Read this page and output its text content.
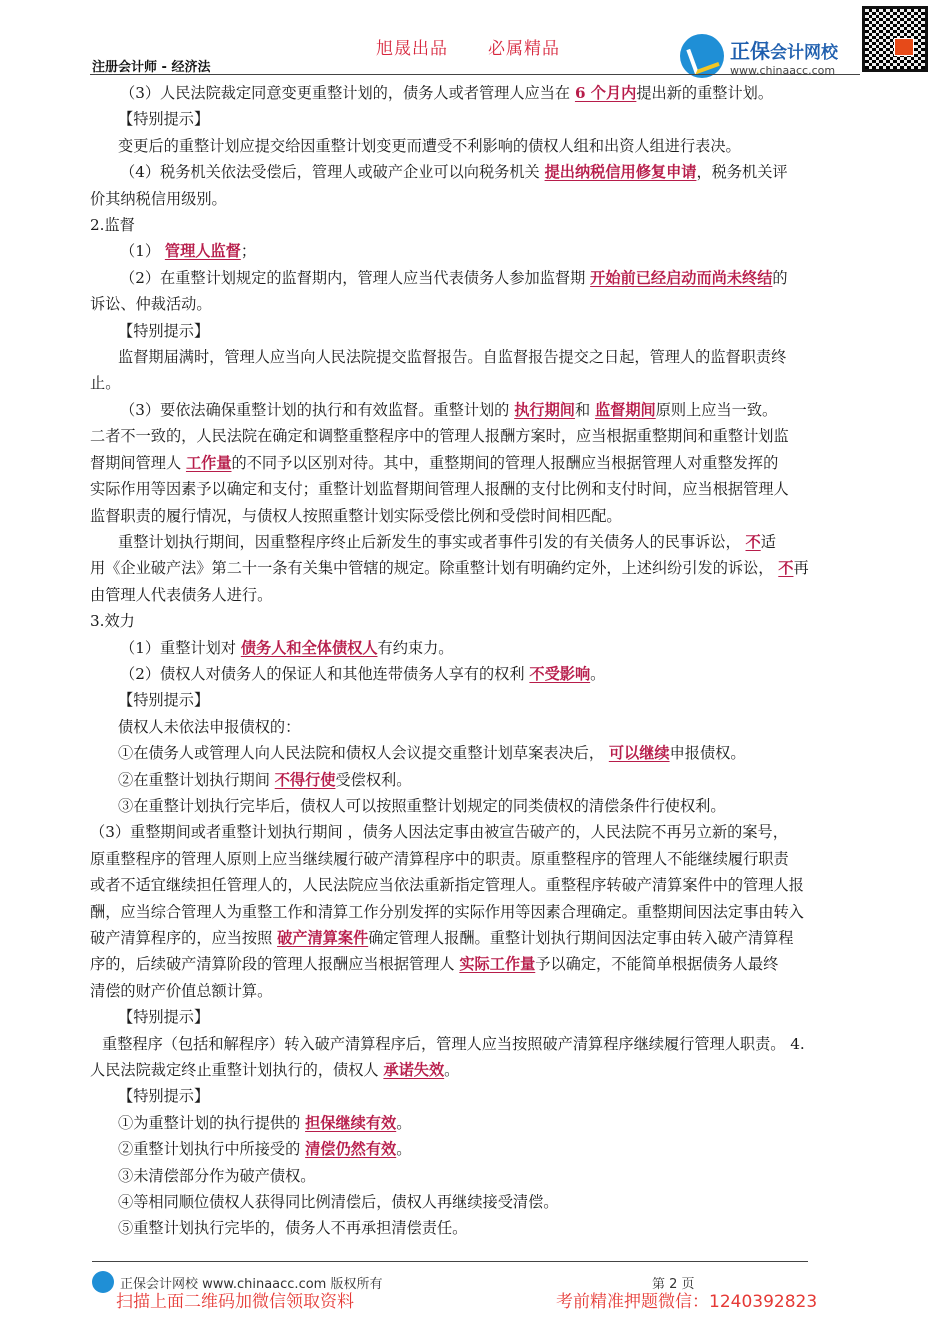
旭晟出品 必属精品
注册会计师 - 经济法
正保会计网校
www.chinaacc.com
（3）人民法院裁定同意变更重整计划的，债务人或者管理人应当在 6 个月内提出新的重整计划。
【特别提示】
变更后的重整计划应提交给因重整计划变更而遭受不利影响的债权人组和出资人组进行表决。
（4）税务机关依法受偿后，管理人或破产企业可以向税务机关 提出纳税信用修复申请，税务机关评
价其纳税信用级别。
2.监督
（1） 管理人监督；
（2）在重整计划规定的监督期内，管理人应当代表债务人参加监督期 开始前已经启动而尚未终结的
诉讼、仲裁活动。
【特别提示】
监督期届满时，管理人应当向人民法院提交监督报告。自监督报告提交之日起，管理人的监督职责终
止。
（3）要依法确保重整计划的执行和有效监督。重整计划的 执行期间和 监督期间原则上应当一致。
二者不一致的，人民法院在确定和调整重整程序中的管理人报酬方案时，应当根据重整期间和重整计划监
督期间管理人 工作量的不同予以区别对待。其中，重整期间的管理人报酬应当根据管理人对重整发挥的
实际作用等因素予以确定和支付；重整计划监督期间管理人报酬的支付比例和支付时间，应当根据管理人
监督职责的履行情况，与债权人按照重整计划实际受偿比例和受偿时间相匹配。
重整计划执行期间，因重整程序终止后新发生的事实或者事件引发的有关债务人的民事诉讼， 不适
用《企业破产法》第二十一条有关集中管辖的规定。除重整计划有明确约定外，上述纠纷引发的诉讼， 不再
由管理人代表债务人进行。
3.效力
（1）重整计划对 债务人和全体债权人有约束力。
（2）债权人对债务人的保证人和其他连带债务人享有的权利 不受影响。
【特别提示】
债权人未依法申报债权的：
①在债务人或管理人向人民法院和债权人会议提交重整计划草案表决后， 可以继续申报债权。
②在重整计划执行期间 不得行使受偿权利。
③在重整计划执行完毕后，债权人可以按照重整计划规定的同类债权的清偿条件行使权利。
（3）重整期间或者重整计划执行期间 ，债务人因法定事由被宣告破产的，人民法院不再另立新的案号，
原重整程序的管理人原则上应当继续履行破产清算程序中的职责。原重整程序的管理人不能继续履行职责
或者不适宜继续担任管理人的，人民法院应当依法重新指定管理人。重整程序转破产清算案件中的管理人报
酬，应当综合管理人为重整工作和清算工作分别发挥的实际作用等因素合理确定。重整期间因法定事由转入
破产清算程序的，应当按照 破产清算案件确定管理人报酬。重整计划执行期间因法定事由转入破产清算程
序的，后续破产清算阶段的管理人报酬应当根据管理人 实际工作量予以确定，不能简单根据债务人最终
清偿的财产价值总额计算。
【特别提示】
重整程序（包括和解程序）转入破产清算程序后，管理人应当按照破产清算程序继续履行管理人职责。 4.
人民法院裁定终止重整计划执行的，债权人 承诺失效。
【特别提示】
①为重整计划的执行提供的 担保继续有效。
②重整计划执行中所接受的 清偿仍然有效。
③未清偿部分作为破产债权。
④等相同顺位债权人获得同比例清偿后，债权人再继续接受清偿。
⑤重整计划执行完毕的，债务人不再承担清偿责任。
正保会计网校 www.chinaacc.com 版权所有	第 2 页
扫描上面二维码加微信领取资料	考前精准押题微信：1240392823
